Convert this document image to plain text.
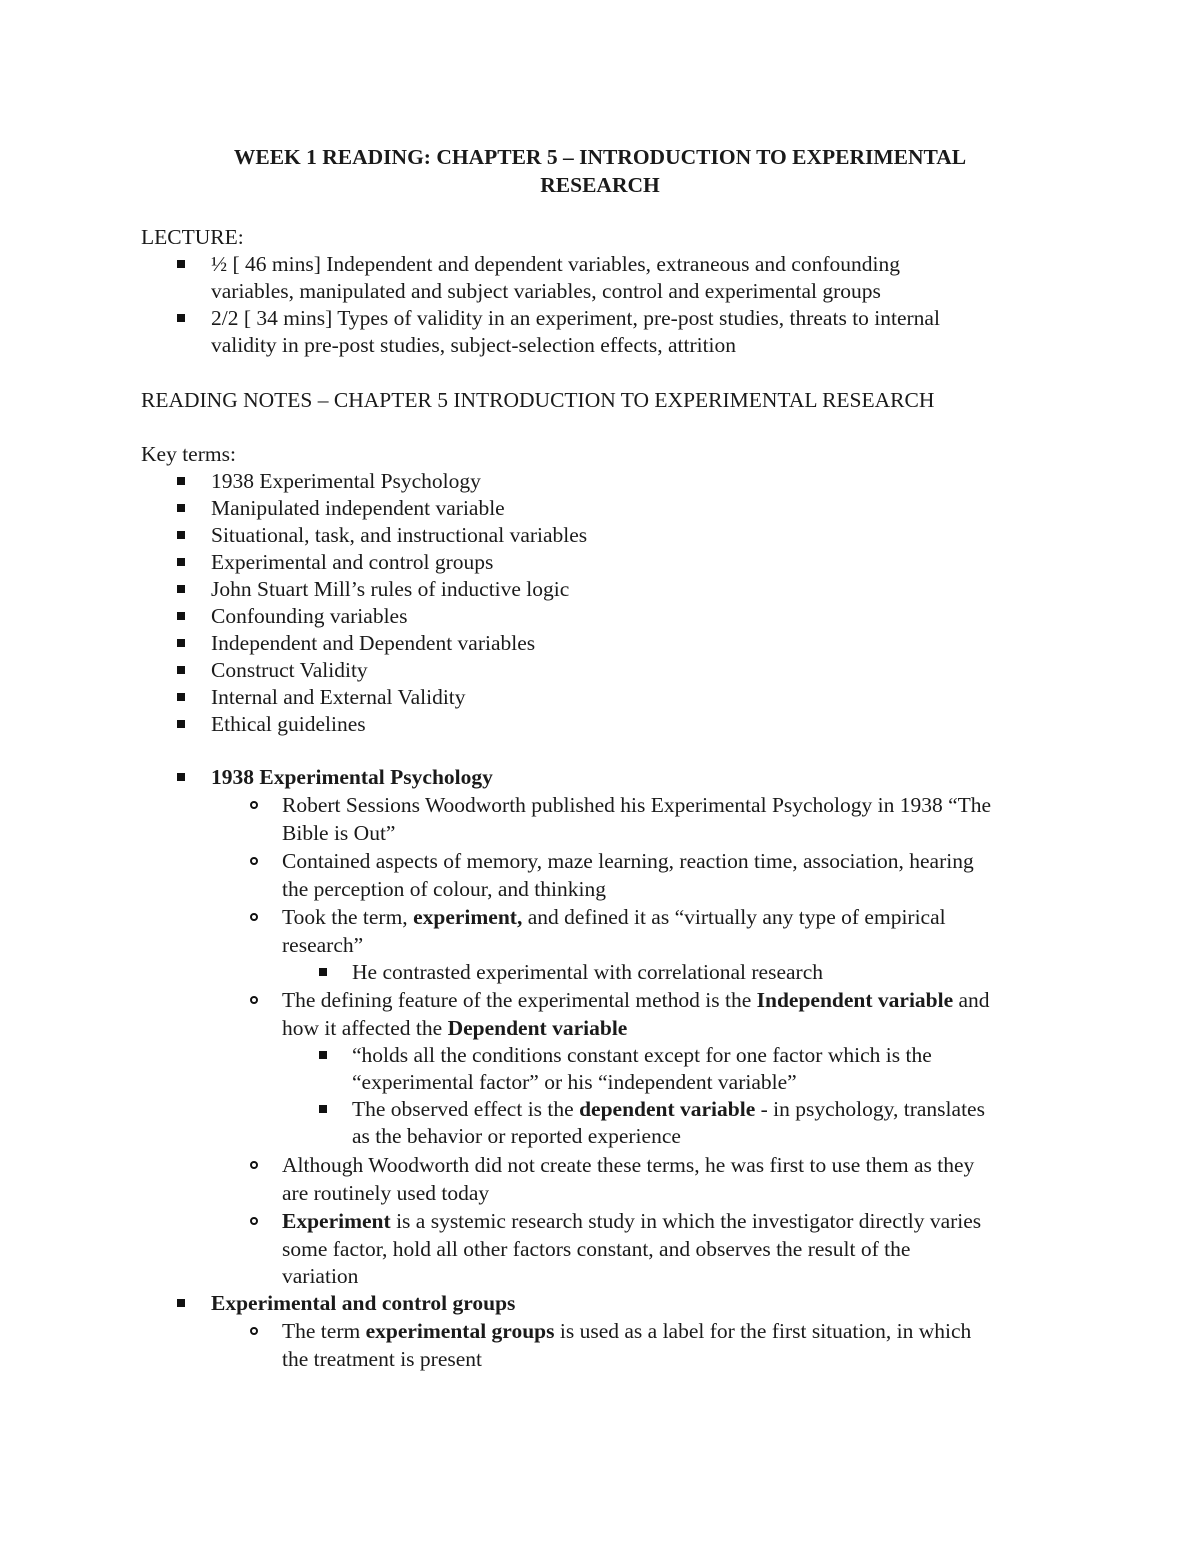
WEEK 1 READING: CHAPTER 5 – INTRODUCTION TO EXPERIMENTAL
RESEARCH
LECTURE:
½ [ 46 mins] Independent and dependent variables, extraneous and confounding
variables, manipulated and subject variables, control and experimental groups
2/2 [ 34 mins] Types of validity in an experiment, pre-post studies, threats to internal
validity in pre-post studies, subject-selection effects, attrition
READING NOTES – CHAPTER 5 INTRODUCTION TO EXPERIMENTAL RESEARCH
Key terms:
1938 Experimental Psychology
Manipulated independent variable
Situational, task, and instructional variables
Experimental and control groups
John Stuart Mill’s rules of inductive logic
Confounding variables
Independent and Dependent variables
Construct Validity
Internal and External Validity
Ethical guidelines
1938 Experimental Psychology
Robert Sessions Woodworth published his Experimental Psychology in 1938 “The
Bible is Out”
Contained aspects of memory, maze learning, reaction time, association, hearing
the perception of colour, and thinking
Took the term, experiment, and defined it as “virtually any type of empirical
research”
He contrasted experimental with correlational research
The defining feature of the experimental method is the Independent variable and
how it affected the Dependent variable
“holds all the conditions constant except for one factor which is the
“experimental factor” or his “independent variable”
The observed effect is the dependent variable - in psychology, translates
as the behavior or reported experience
Although Woodworth did not create these terms, he was first to use them as they
are routinely used today
Experiment is a systemic research study in which the investigator directly varies
some factor, hold all other factors constant, and observes the result of the
variation
Experimental and control groups
The term experimental groups is used as a label for the first situation, in which
the treatment is present
